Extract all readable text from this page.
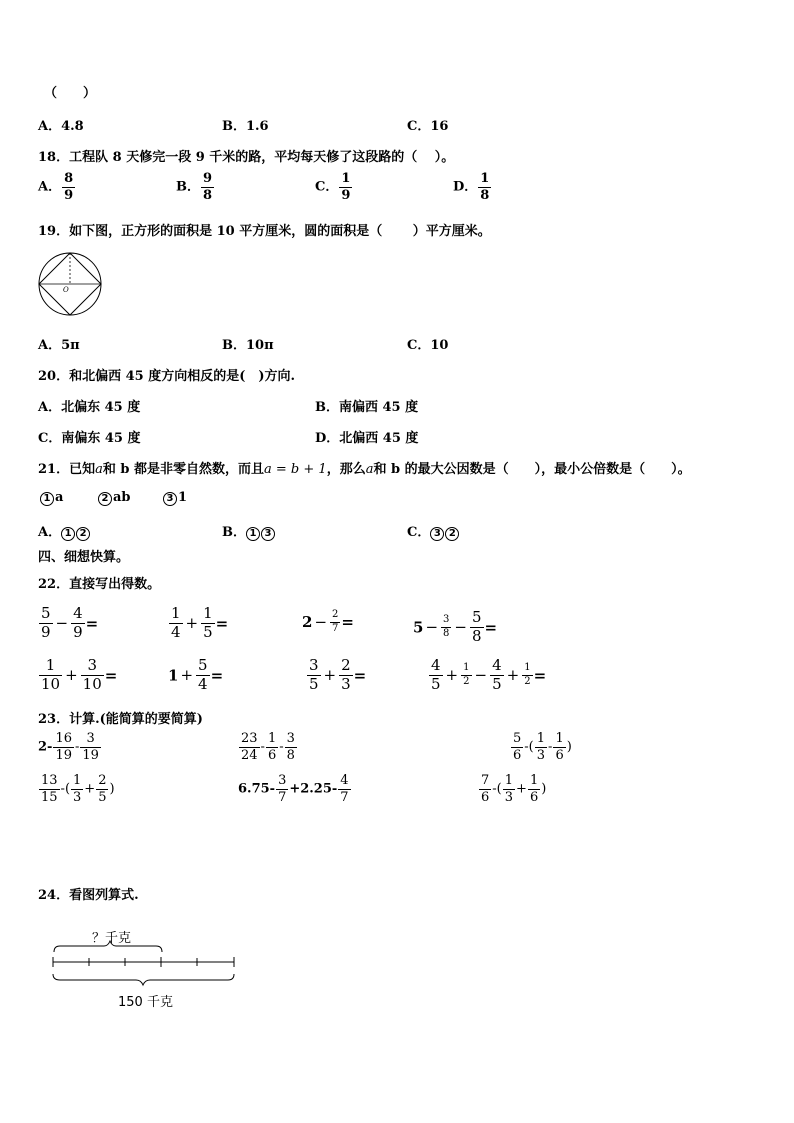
（　　）
A．4.8	B．1.6	C．16
18．工程队 8 天修完一段 9 千米的路，平均每天修了这段路的（　 ）。
A． $\frac{8}{9}$	B． $\frac{9}{8}$	C． $\frac{1}{9}$	D． $\frac{1}{8}$
19．如下图，正方形的面积是 10 平方厘米，圆的面积是（　　 ）平方厘米。
O
A．5π	B．10π	C．10
20．和北偏西 45 度方向相反的是(　)方向.
A．北偏东 45 度	B．南偏西 45 度
C．南偏东 45 度	D．北偏西 45 度
21．已知a和 b 都是非零自然数，而且a = b + 1，那么a和 b 的最大公因数是（　　），最小公倍数是（　　）。
1 a	2 ab	3 1
A． 1 2	B． 1 3	C． 3 2
四、细想快算。
22．直接写出得数。
$\frac{5}{9} - \frac{4}{9}$ =	$\frac{1}{4} + \frac{1}{5}$ =	$2 - \frac{2}{7}$ =	$5 - \frac{3}{8} - \frac{5}{8}$ =
$\frac{1}{10} + \frac{3}{10}$ =	$1 + \frac{5}{4}$ =	$\frac{3}{5} + \frac{2}{3}$ =	$\frac{4}{5} + \frac{1}{2} - \frac{4}{5} + \frac{1}{2}$ =
23．计算.(能简算的要简算)
$2- \frac{16}{19} - \frac{3}{19}$	$\frac{23}{24} - \frac{1}{6} - \frac{3}{8}$	$\frac{5}{6}$ -( $\frac{1}{3} - \frac{1}{6}$ )
$\frac{13}{15}$ -( $\frac{1}{3} + \frac{2}{5}$ )	$6.75- \frac{3}{7} +2.25- \frac{4}{7}$	$\frac{7}{6}$ -( $\frac{1}{3} + \frac{1}{6}$ )
24．看图列算式.
？千克
150 千克
